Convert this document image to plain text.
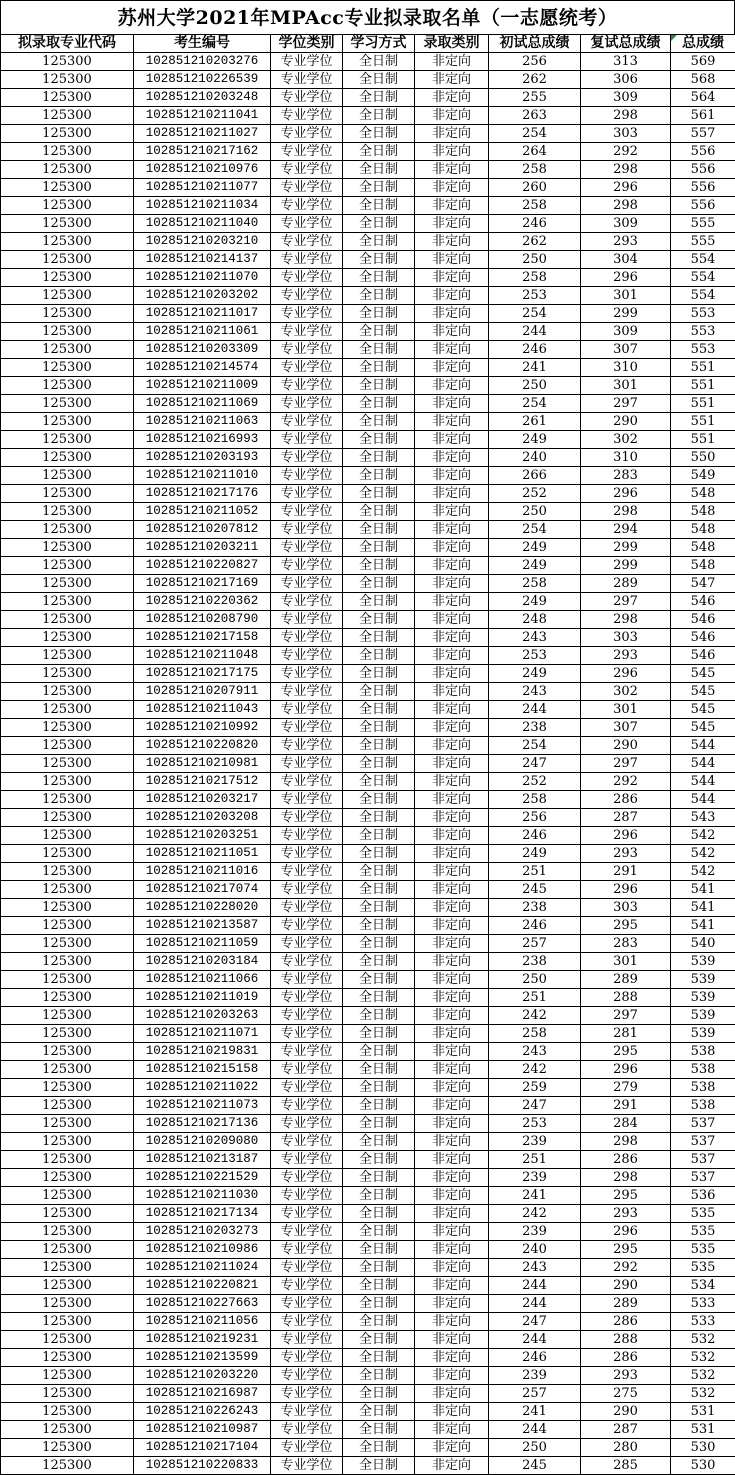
苏州大学2021年MPAcc专业拟录取名单（一志愿统考）
拟录取专业代码	考生编号	学位类别	学习方式	录取类别	初试总成绩	复试总成绩	总成绩
125300	102851210203276	专业学位	全日制	非定向	256	313	569
125300	102851210226539	专业学位	全日制	非定向	262	306	568
125300	102851210203248	专业学位	全日制	非定向	255	309	564
125300	102851210211041	专业学位	全日制	非定向	263	298	561
125300	102851210211027	专业学位	全日制	非定向	254	303	557
125300	102851210217162	专业学位	全日制	非定向	264	292	556
125300	102851210210976	专业学位	全日制	非定向	258	298	556
125300	102851210211077	专业学位	全日制	非定向	260	296	556
125300	102851210211034	专业学位	全日制	非定向	258	298	556
125300	102851210211040	专业学位	全日制	非定向	246	309	555
125300	102851210203210	专业学位	全日制	非定向	262	293	555
125300	102851210214137	专业学位	全日制	非定向	250	304	554
125300	102851210211070	专业学位	全日制	非定向	258	296	554
125300	102851210203202	专业学位	全日制	非定向	253	301	554
125300	102851210211017	专业学位	全日制	非定向	254	299	553
125300	102851210211061	专业学位	全日制	非定向	244	309	553
125300	102851210203309	专业学位	全日制	非定向	246	307	553
125300	102851210214574	专业学位	全日制	非定向	241	310	551
125300	102851210211009	专业学位	全日制	非定向	250	301	551
125300	102851210211069	专业学位	全日制	非定向	254	297	551
125300	102851210211063	专业学位	全日制	非定向	261	290	551
125300	102851210216993	专业学位	全日制	非定向	249	302	551
125300	102851210203193	专业学位	全日制	非定向	240	310	550
125300	102851210211010	专业学位	全日制	非定向	266	283	549
125300	102851210217176	专业学位	全日制	非定向	252	296	548
125300	102851210211052	专业学位	全日制	非定向	250	298	548
125300	102851210207812	专业学位	全日制	非定向	254	294	548
125300	102851210203211	专业学位	全日制	非定向	249	299	548
125300	102851210220827	专业学位	全日制	非定向	249	299	548
125300	102851210217169	专业学位	全日制	非定向	258	289	547
125300	102851210220362	专业学位	全日制	非定向	249	297	546
125300	102851210208790	专业学位	全日制	非定向	248	298	546
125300	102851210217158	专业学位	全日制	非定向	243	303	546
125300	102851210211048	专业学位	全日制	非定向	253	293	546
125300	102851210217175	专业学位	全日制	非定向	249	296	545
125300	102851210207911	专业学位	全日制	非定向	243	302	545
125300	102851210211043	专业学位	全日制	非定向	244	301	545
125300	102851210210992	专业学位	全日制	非定向	238	307	545
125300	102851210220820	专业学位	全日制	非定向	254	290	544
125300	102851210210981	专业学位	全日制	非定向	247	297	544
125300	102851210217512	专业学位	全日制	非定向	252	292	544
125300	102851210203217	专业学位	全日制	非定向	258	286	544
125300	102851210203208	专业学位	全日制	非定向	256	287	543
125300	102851210203251	专业学位	全日制	非定向	246	296	542
125300	102851210211051	专业学位	全日制	非定向	249	293	542
125300	102851210211016	专业学位	全日制	非定向	251	291	542
125300	102851210217074	专业学位	全日制	非定向	245	296	541
125300	102851210228020	专业学位	全日制	非定向	238	303	541
125300	102851210213587	专业学位	全日制	非定向	246	295	541
125300	102851210211059	专业学位	全日制	非定向	257	283	540
125300	102851210203184	专业学位	全日制	非定向	238	301	539
125300	102851210211066	专业学位	全日制	非定向	250	289	539
125300	102851210211019	专业学位	全日制	非定向	251	288	539
125300	102851210203263	专业学位	全日制	非定向	242	297	539
125300	102851210211071	专业学位	全日制	非定向	258	281	539
125300	102851210219831	专业学位	全日制	非定向	243	295	538
125300	102851210215158	专业学位	全日制	非定向	242	296	538
125300	102851210211022	专业学位	全日制	非定向	259	279	538
125300	102851210211073	专业学位	全日制	非定向	247	291	538
125300	102851210217136	专业学位	全日制	非定向	253	284	537
125300	102851210209080	专业学位	全日制	非定向	239	298	537
125300	102851210213187	专业学位	全日制	非定向	251	286	537
125300	102851210221529	专业学位	全日制	非定向	239	298	537
125300	102851210211030	专业学位	全日制	非定向	241	295	536
125300	102851210217134	专业学位	全日制	非定向	242	293	535
125300	102851210203273	专业学位	全日制	非定向	239	296	535
125300	102851210210986	专业学位	全日制	非定向	240	295	535
125300	102851210211024	专业学位	全日制	非定向	243	292	535
125300	102851210220821	专业学位	全日制	非定向	244	290	534
125300	102851210227663	专业学位	全日制	非定向	244	289	533
125300	102851210211056	专业学位	全日制	非定向	247	286	533
125300	102851210219231	专业学位	全日制	非定向	244	288	532
125300	102851210213599	专业学位	全日制	非定向	246	286	532
125300	102851210203220	专业学位	全日制	非定向	239	293	532
125300	102851210216987	专业学位	全日制	非定向	257	275	532
125300	102851210226243	专业学位	全日制	非定向	241	290	531
125300	102851210210987	专业学位	全日制	非定向	244	287	531
125300	102851210217104	专业学位	全日制	非定向	250	280	530
125300	102851210220833	专业学位	全日制	非定向	245	285	530
